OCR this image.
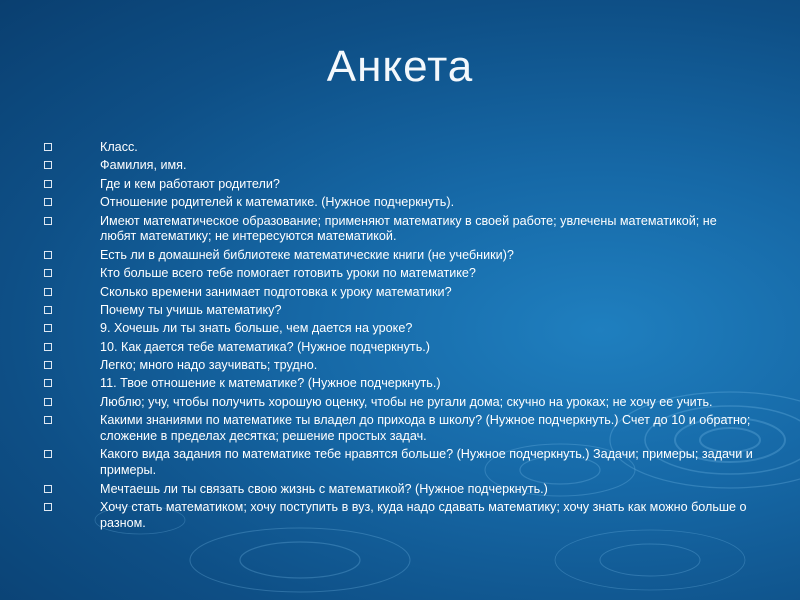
Анкета
Класс.
Фамилия, имя.
Где и кем работают родители?
Отношение родителей к математике. (Нужное подчеркнуть).
Имеют математическое образование; применяют математику в своей работе; увлечены математикой; не любят математику; не интересуются математикой.
Есть ли в домашней библиотеке математические книги (не учебники)?
Кто больше всего тебе помогает готовить уроки по математике?
Сколько времени занимает подготовка к уроку математики?
Почему ты учишь математику?
9. Хочешь ли ты знать больше, чем дается на уроке?
10. Как дается тебе математика? (Нужное подчеркнуть.)
Легко; много надо заучивать; трудно.
11. Твое отношение к математике? (Нужное подчеркнуть.)
Люблю; учу, чтобы получить хорошую оценку, чтобы не ругали дома; скучно на уроках; не хочу ее учить.
Какими знаниями по математике ты владел до прихода в школу? (Нужное подчеркнуть.) Счет до 10 и обратно; сложение в пределах десятка; решение простых задач.
Какого вида задания по математике тебе нравятся больше? (Нужное подчеркнуть.) Задачи; примеры; задачи и примеры.
Мечтаешь ли ты связать свою жизнь с математикой? (Нужное подчеркнуть.)
Хочу стать математиком; хочу поступить в вуз, куда надо сдавать математику; хочу знать как можно больше о разном.
